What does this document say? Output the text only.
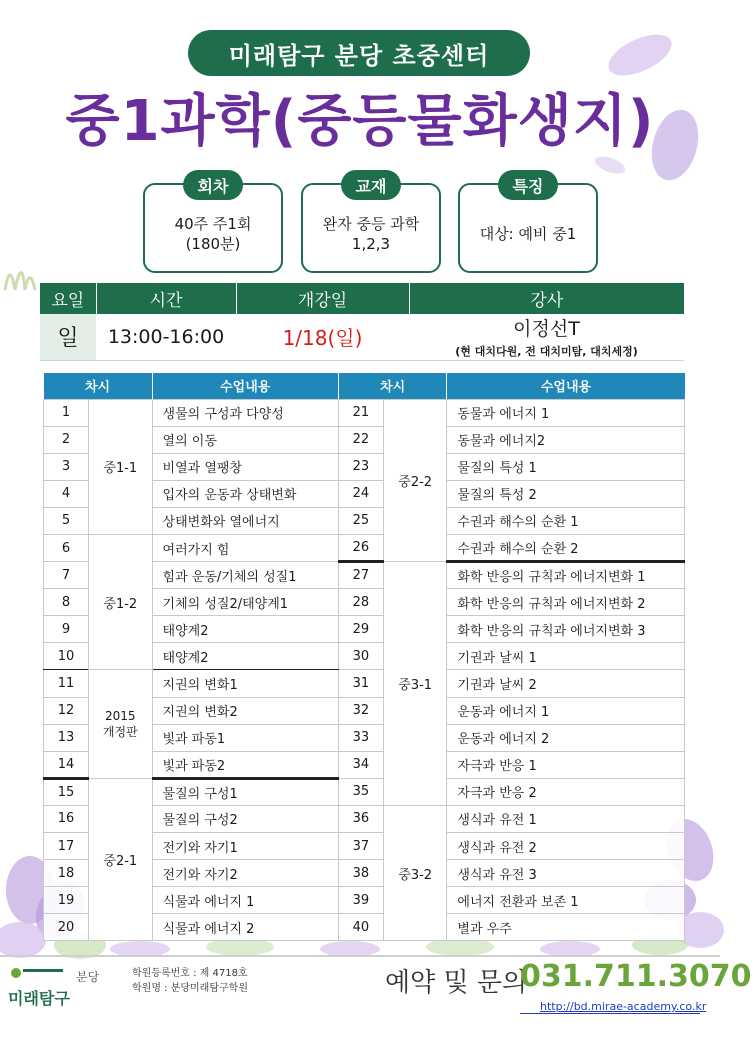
미래탐구 분당 초중센터
중1과학(중등물화생지)
40주 주1회
(180분)
회차
완자 중등 과학
1,2,3
교재
대상: 예비 중1
특징
요일	시간	개강일	강사
일	13:00-16:00	1/18(일)	이정선T
(현 대치다원, 전 대치미탐, 대치세정)
차시		수업내용	차시		수업내용
1	중1-1	생물의 구성과 다양성	21	중2-2	동물과 에너지 1
2		열의 이동	22		동물과 에너지2
3		비열과 열팽창	23		물질의 특성 1
4		입자의 운동과 상태변화	24		물질의 특성 2
5		상태변화와 열에너지	25		수권과 해수의 순환 1
6	중1-2	여러가지 힘	26		수권과 해수의 순환 2
7		힘과 운동/기체의 성질1	27	중3-1	화학 반응의 규칙과 에너지변화 1
8		기체의 성질2/태양계1	28		화학 반응의 규칙과 에너지변화 2
9		태양계2	29		화학 반응의 규칙과 에너지변화 3
10		태양계2	30		기권과 날씨 1
11	2015
개정판	지권의 변화1	31		기권과 날씨 2
12		지권의 변화2	32		운동과 에너지 1
13		빛과 파동1	33		운동과 에너지 2
14		빛과 파동2	34		자극과 반응 1
15	중2-1	물질의 구성1	35		자극과 반응 2
16		물질의 구성2	36	중3-2	생식과 유전 1
17		전기와 자기1	37		생식과 유전 2
18		전기와 자기2	38		생식과 유전 3
19		식물과 에너지 1	39		에너지 전환과 보존 1
20		식물과 에너지 2	40		별과 우주
미래탐구
분당	학원등록번호 : 제 4718호
학원명 : 분당미래탐구학원	예약 및 문의
031.711.3070
http://bd.mirae-academy.co.kr
